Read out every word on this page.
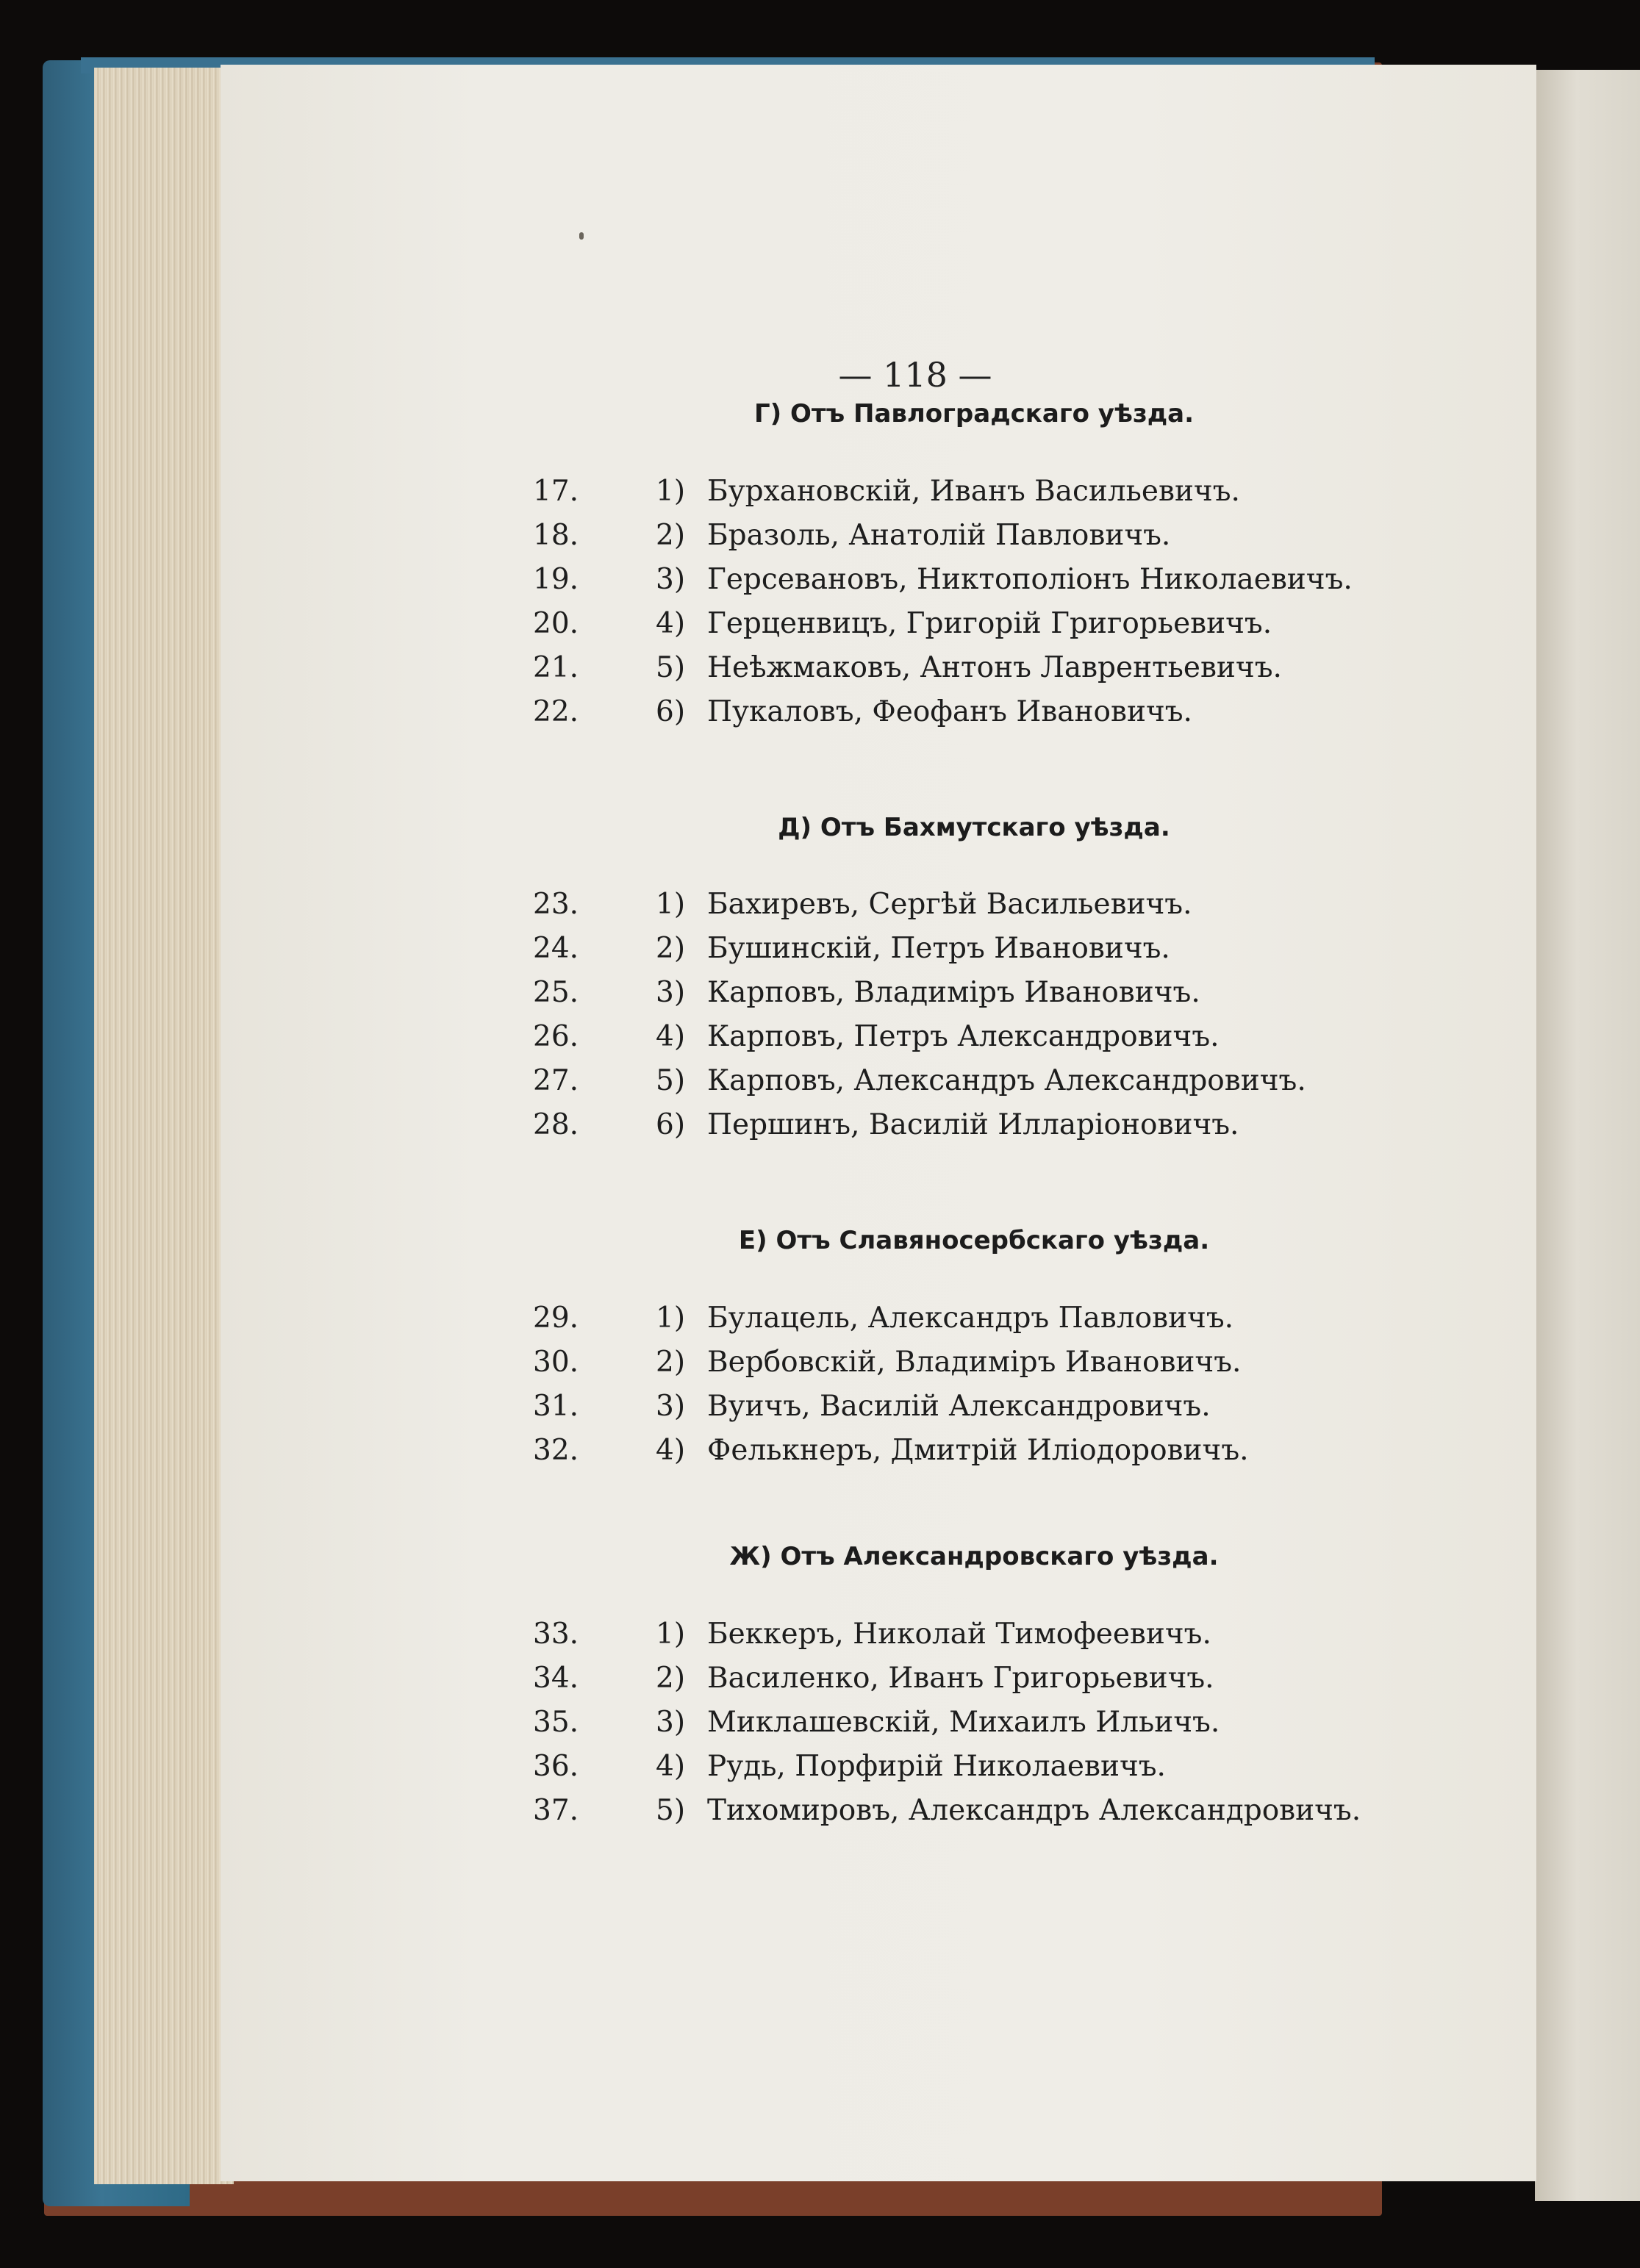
— 118 —
Г) Отъ Павлоградскаго уѣзда.
17.	1) Бурхановскій, Иванъ Васильевичъ.
18.	2) Бразоль, Анатолій Павловичъ.
19.	3) Герсевановъ, Никтополіонъ Николаевичъ.
20.	4) Герценвицъ, Григорій Григорьевичъ.
21.	5) Неѣжмаковъ, Антонъ Лаврентьевичъ.
22.	6) Пукаловъ, Феофанъ Ивановичъ.
Д) Отъ Бахмутскаго уѣзда.
23.	1) Бахиревъ, Сергѣй Васильевичъ.
24.	2) Бушинскій, Петръ Ивановичъ.
25.	3) Карповъ, Владиміръ Ивановичъ.
26.	4) Карповъ, Петръ Александровичъ.
27.	5) Карповъ, Александръ Александровичъ.
28.	6) Першинъ, Василій Илларіоновичъ.
Е) Отъ Славяносербскаго уѣзда.
29.	1) Булацель, Александръ Павловичъ.
30.	2) Вербовскій, Владиміръ Ивановичъ.
31.	3) Вуичъ, Василій Александровичъ.
32.	4) Фелькнеръ, Дмитрій Иліодоровичъ.
Ж) Отъ Александровскаго уѣзда.
33.	1) Беккеръ, Николай Тимофеевичъ.
34.	2) Василенко, Иванъ Григорьевичъ.
35.	3) Миклашевскій, Михаилъ Ильичъ.
36.	4) Рудь, Порфирій Николаевичъ.
37.	5) Тихомировъ, Александръ Александровичъ.
